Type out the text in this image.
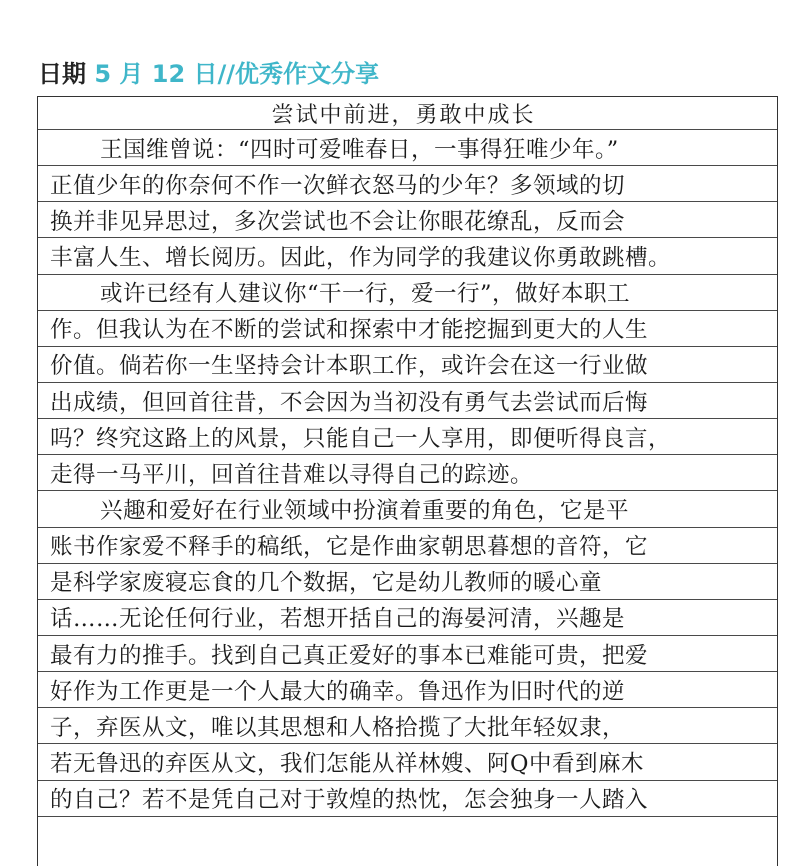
日期 5 月 12 日//优秀作文分享
尝试中前进，勇敢中成长
王国维曾说：“四时可爱唯春日，一事得狂唯少年。”
正值少年的你奈何不作一次鲜衣怒马的少年？多领域的切
换并非见异思过，多次尝试也不会让你眼花缭乱，反而会
丰富人生、增长阅历。因此，作为同学的我建议你勇敢跳槽。
或许已经有人建议你“干一行，爱一行”，做好本职工
作。但我认为在不断的尝试和探索中才能挖掘到更大的人生
价值。倘若你一生坚持会计本职工作，或许会在这一行业做
出成绩，但回首往昔，不会因为当初没有勇气去尝试而后悔
吗？终究这路上的风景，只能自己一人享用，即便听得良言，
走得一马平川，回首往昔难以寻得自己的踪迹。
兴趣和爱好在行业领域中扮演着重要的角色，它是平
账书作家爱不释手的稿纸，它是作曲家朝思暮想的音符，它
是科学家废寝忘食的几个数据，它是幼儿教师的暖心童
话……无论任何行业，若想开括自己的海晏河清，兴趣是
最有力的推手。找到自己真正爱好的事本已难能可贵，把爱
好作为工作更是一个人最大的确幸。鲁迅作为旧时代的逆
子，弃医从文，唯以其思想和人格拾揽了大批年轻奴隶，
若无鲁迅的弃医从文，我们怎能从祥林嫂、阿Q中看到麻木
的自己？若不是凭自己对于敦煌的热忱，怎会独身一人踏入
